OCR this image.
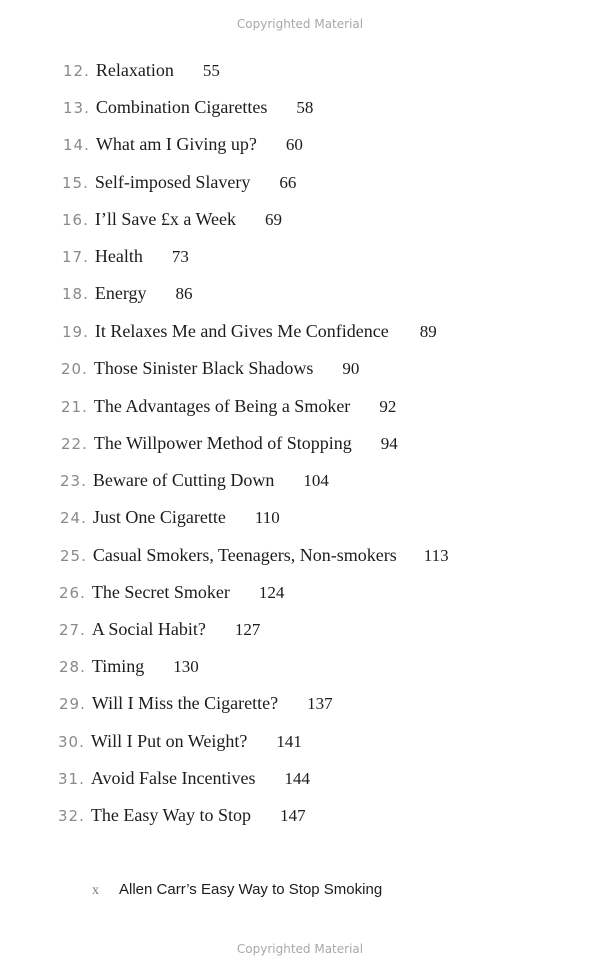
Copyrighted Material
12. Relaxation 55
13. Combination Cigarettes 58
14. What am I Giving up? 60
15. Self-imposed Slavery 66
16. I’ll Save £x a Week 69
17. Health 73
18. Energy 86
19. It Relaxes Me and Gives Me Confidence 89
20. Those Sinister Black Shadows 90
21. The Advantages of Being a Smoker 92
22. The Willpower Method of Stopping 94
23. Beware of Cutting Down 104
24. Just One Cigarette 110
25. Casual Smokers, Teenagers, Non-smokers 113
26. The Secret Smoker 124
27. A Social Habit? 127
28. Timing 130
29. Will I Miss the Cigarette? 137
30. Will I Put on Weight? 141
31. Avoid False Incentives 144
32. The Easy Way to Stop 147
x Allen Carr’s Easy Way to Stop Smoking
Copyrighted Material
